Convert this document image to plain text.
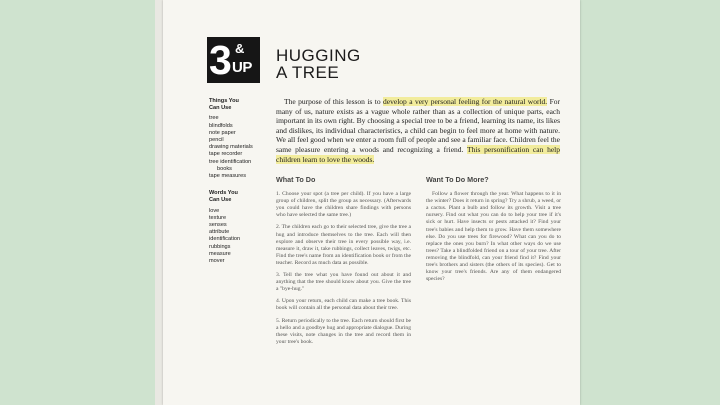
3 &
UP
HUGGING
A TREE
Things You
Can Use
tree
blindfolds
note paper
pencil
drawing materials
tape recorder
tree identification
books
tape measures
Words You
Can Use
love
texture
senses
attribute
identification
rubbings
measure
mover
The purpose of this lesson is to develop a very personal feeling for the natural world. For many of us, nature exists as a vague whole rather than as a collection of unique parts, each important in its own right. By choosing a special tree to be a friend, learning its name, its likes and dislikes, its individual characteristics, a child can begin to feel more at home with nature. We all feel good when we enter a room full of people and see a familiar face. Children feel the same pleasure entering a woods and recognizing a friend. This personification can help children learn to love the woods.
What To Do

1. Choose your spot (a tree per child). If you have a large group of children, split the group as necessary. (Afterwards you could have the children share findings with persons who have selected the same tree.)

2. The children each go to their selected tree, give the tree a hug and introduce themselves to the tree. Each will then explore and observe their tree in every possible way, i.e. measure it, draw it, take rubbings, collect leaves, twigs, etc. Find the tree's name from an identification book or from the teacher. Record as much data as possible.

3. Tell the tree what you have found out about it and anything that the tree should know about you. Give the tree a "bye-hug."

4. Upon your return, each child can make a tree book. This book will contain all the personal data about their tree.

5. Return periodically to the tree. Each return should first be a hello and a goodbye hug and appropriate dialogue. During these visits, note changes in the tree and record them in your tree's book.

Want To Do More?

Follow a flower through the year. What happens to it in the winter? Does it return in spring? Try a shrub, a weed, or a cactus. Plant a bulb and follow its growth. Visit a tree nursery. Find out what you can do to help your tree if it's sick or hurt. Have insects or pests attacked it? Find your tree's babies and help them to grow. Have them somewhere else. Do you use trees for firewood? What can you do to replace the ones you burn? In what other ways do we use trees? Take a blindfolded friend on a tour of your tree. After removing the blindfold, can your friend find it? Find your tree's brothers and sisters (the others of its species). Get to know your tree's friends. Are any of them endangered species?
